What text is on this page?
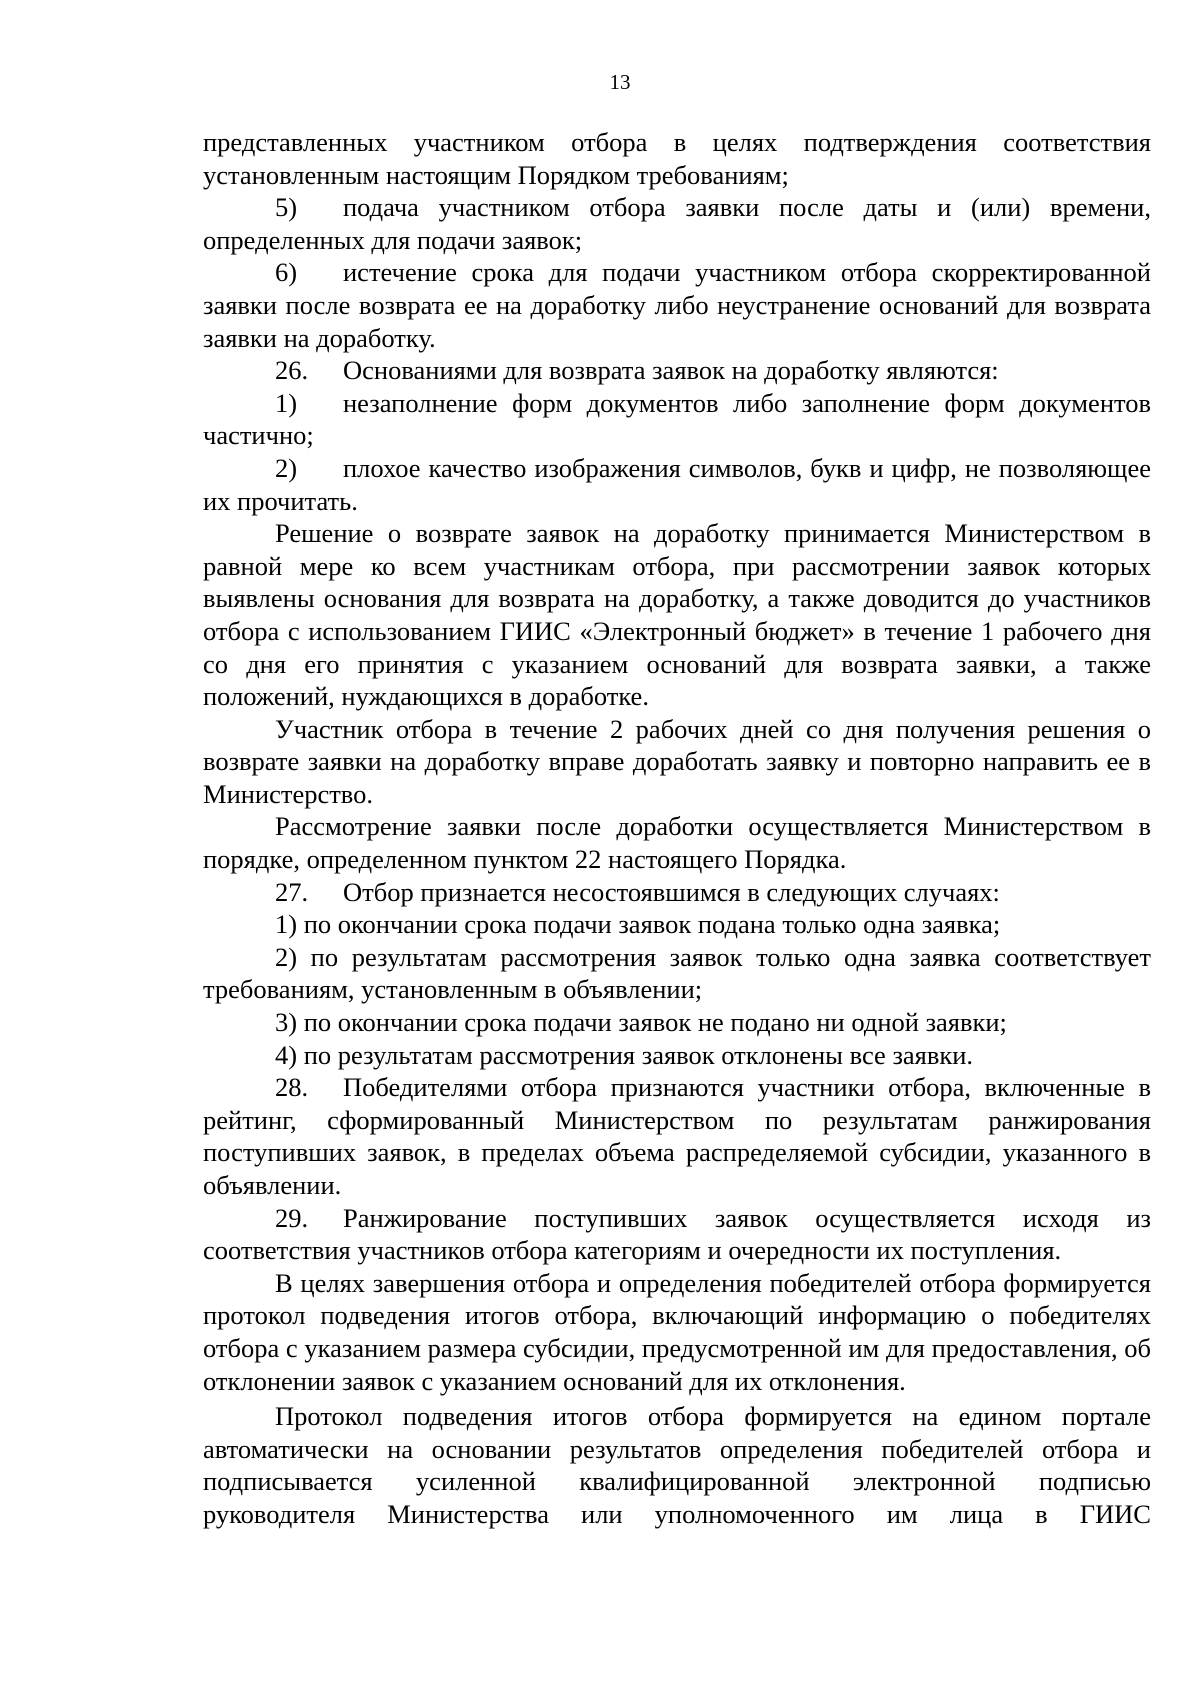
13

представленных участником отбора в целях подтверждения соответствия установленным настоящим Порядком требованиям;

5) подача участником отбора заявки после даты и (или) времени, определенных для подачи заявок;

6) истечение срока для подачи участником отбора скорректированной заявки после возврата ее на доработку либо неустранение оснований для возврата заявки на доработку.

26. Основаниями для возврата заявок на доработку являются:

1) незаполнение форм документов либо заполнение форм документов частично;

2) плохое качество изображения символов, букв и цифр, не позволяющее их прочитать.

Решение о возврате заявок на доработку принимается Министерством в равной мере ко всем участникам отбора, при рассмотрении заявок которых выявлены основания для возврата на доработку, а также доводится до участников отбора с использованием ГИИС «Электронный бюджет» в течение 1 рабочего дня со дня его принятия с указанием оснований для возврата заявки, а также положений, нуждающихся в доработке.

Участник отбора в течение 2 рабочих дней со дня получения решения о возврате заявки на доработку вправе доработать заявку и повторно направить ее в Министерство.

Рассмотрение заявки после доработки осуществляется Министерством в порядке, определенном пунктом 22 настоящего Порядка.

27. Отбор признается несостоявшимся в следующих случаях:

1) по окончании срока подачи заявок подана только одна заявка;

2) по результатам рассмотрения заявок только одна заявка соответствует требованиям, установленным в объявлении;

3) по окончании срока подачи заявок не подано ни одной заявки;

4) по результатам рассмотрения заявок отклонены все заявки.

28. Победителями отбора признаются участники отбора, включенные в рейтинг, сформированный Министерством по результатам ранжирования поступивших заявок, в пределах объема распределяемой субсидии, указанного в объявлении.

29. Ранжирование поступивших заявок осуществляется исходя из соответствия участников отбора категориям и очередности их поступления.

В целях завершения отбора и определения победителей отбора формируется протокол подведения итогов отбора, включающий информацию о победителях отбора с указанием размера субсидии, предусмотренной им для предоставления, об отклонении заявок с указанием оснований для их отклонения.

Протокол подведения итогов отбора формируется на едином портале автоматически на основании результатов определения победителей отбора и подписывается усиленной квалифицированной электронной подписью руководителя Министерства или уполномоченного им лица в ГИИС
